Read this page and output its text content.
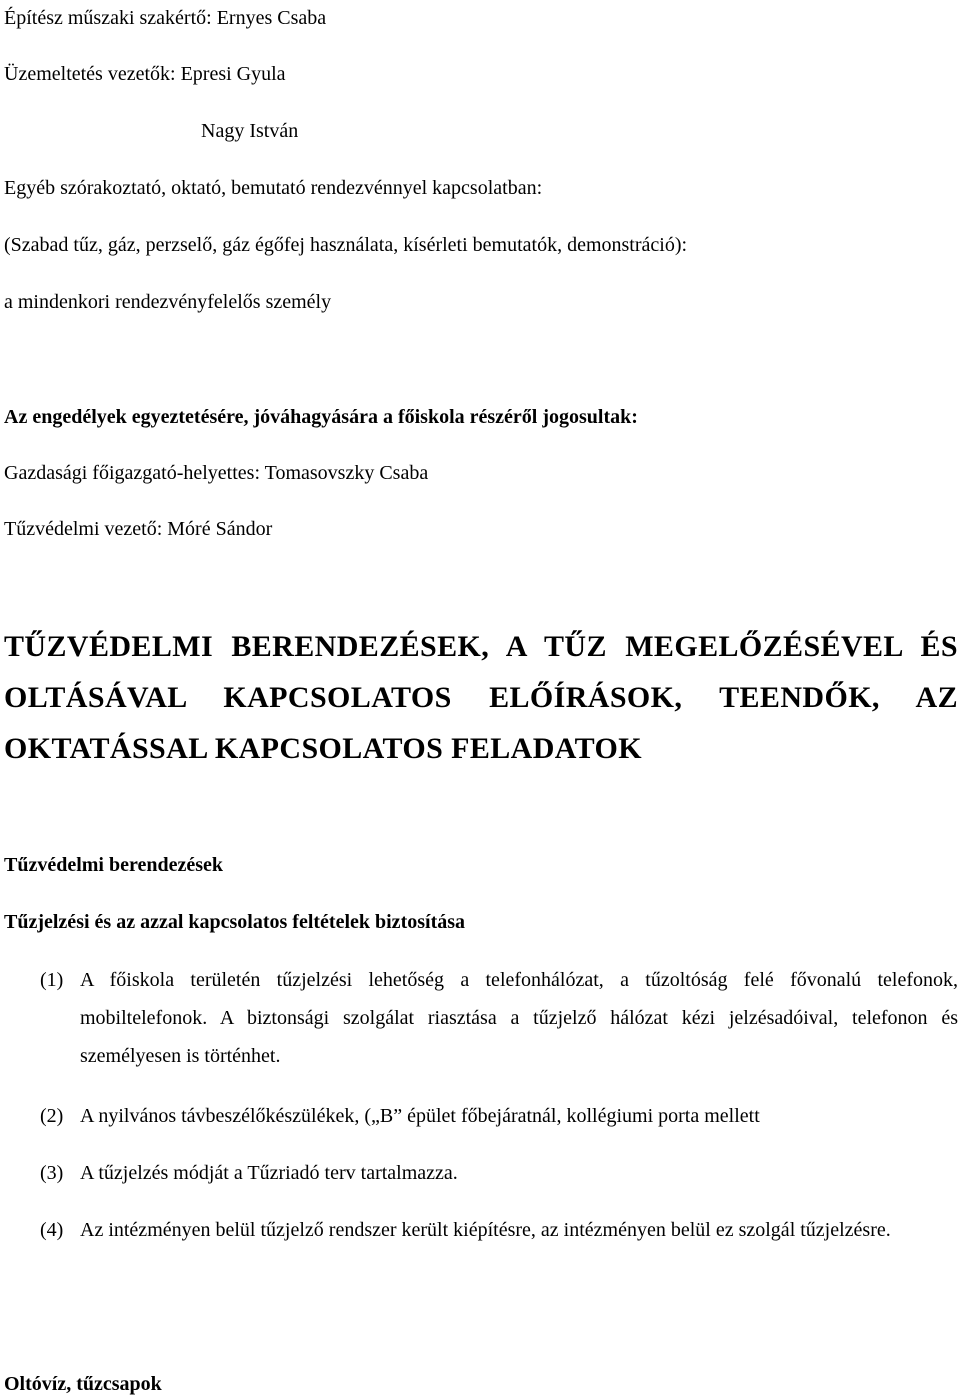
Építész műszaki szakértő: Ernyes Csaba
Üzemeltetés vezetők: Epresi Gyula
Nagy István
Egyéb szórakoztató, oktató, bemutató rendezvénnyel kapcsolatban:
(Szabad tűz, gáz, perzselő, gáz égőfej használata, kísérleti bemutatók, demonstráció):
a mindenkori rendezvényfelelős személy
Az engedélyek egyeztetésére, jóváhagyására a főiskola részéről jogosultak:
Gazdasági főigazgató-helyettes: Tomasovszky Csaba
Tűzvédelmi vezető: Móré Sándor
TŰZVÉDELMI BERENDEZÉSEK, A TŰZ MEGELŐZÉSÉVEL ÉS OLTÁSÁVAL KAPCSOLATOS ELŐÍRÁSOK, TEENDŐK, AZ OKTATÁSSAL KAPCSOLATOS FELADATOK
Tűzvédelmi berendezések
Tűzjelzési és az azzal kapcsolatos feltételek biztosítása
(1) A főiskola területén tűzjelzési lehetőség a telefonhálózat, a tűzoltóság felé fővonalú telefonok, mobiltelefonok. A biztonsági szolgálat riasztása a tűzjelző hálózat kézi jelzésadóival, telefonon és személyesen is történhet.
(2) A nyilvános távbeszélőkészülékek, („B” épület főbejáratnál, kollégiumi porta mellett
(3) A tűzjelzés módját a Tűzriadó terv tartalmazza.
(4) Az intézményen belül tűzjelző rendszer került kiépítésre, az intézményen belül ez szolgál tűzjelzésre.
Oltóvíz, tűzcsapok
